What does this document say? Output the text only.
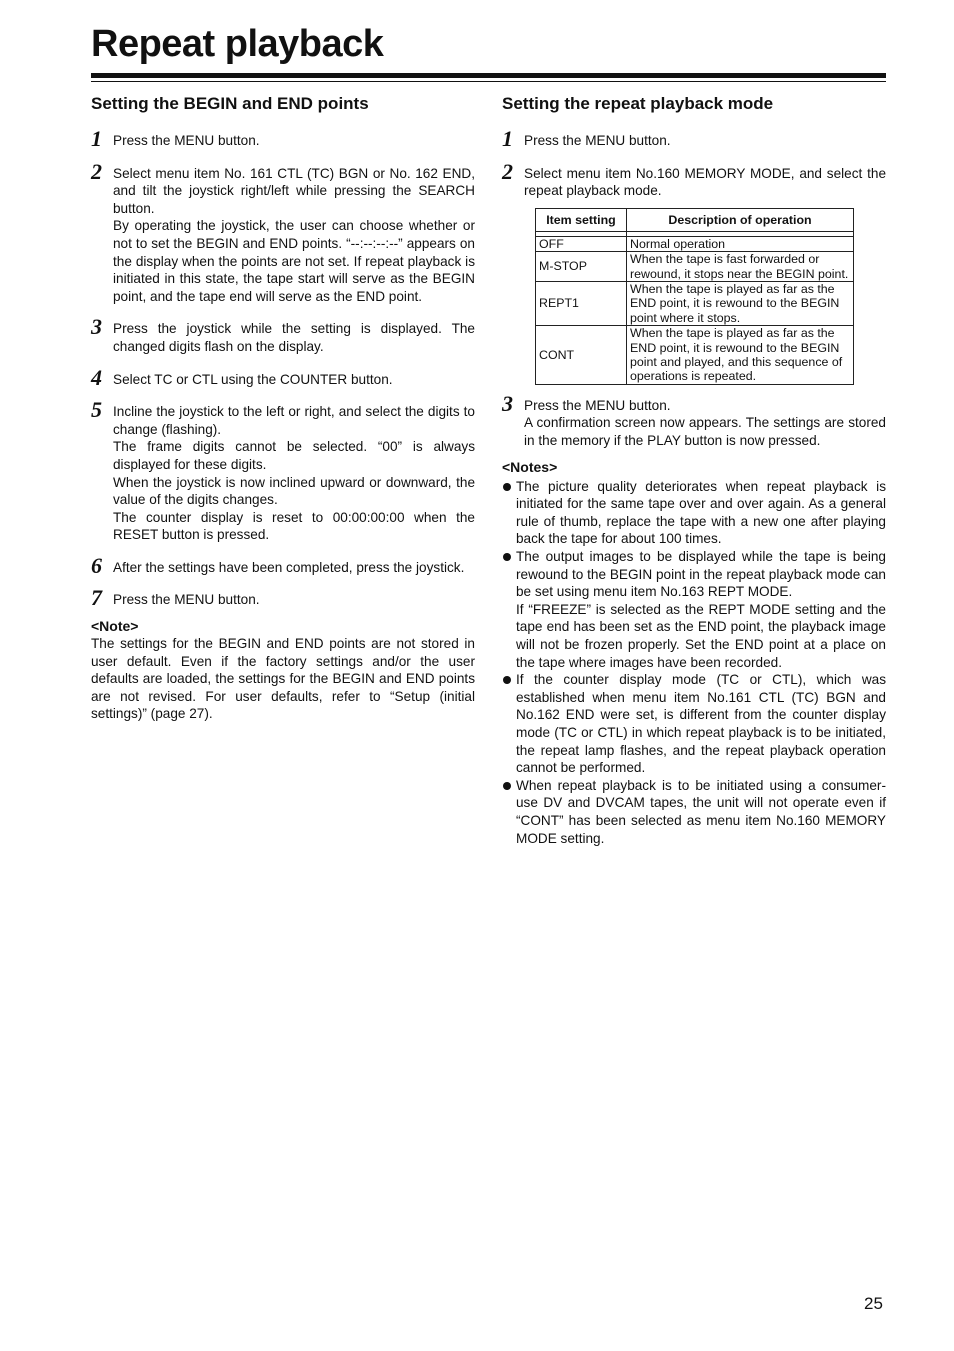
Repeat playback
Setting the BEGIN and END points
1 Press the MENU button.

2 Select menu item No. 161 CTL (TC) BGN or No. 162 END, and tilt the joystick right/left while pressing the SEARCH button.

By operating the joystick, the user can choose whether or not to set the BEGIN and END points. “--:--:--:--” appears on the display when the points are not set. If repeat playback is initiated in this state, the tape start will serve as the BEGIN point, and the tape end will serve as the END point.

3 Press the joystick while the setting is displayed. The changed digits flash on the display.

4 Select TC or CTL using the COUNTER button.

5 Incline the joystick to the left or right, and select the digits to change (flashing).

The frame digits cannot be selected. “00” is always displayed for these digits.

When the joystick is now inclined upward or downward, the value of the digits changes.

The counter display is reset to 00:00:00:00 when the RESET button is pressed.

6 After the settings have been completed, press the joystick.

7 Press the MENU button.

<Note>

The settings for the BEGIN and END points are not stored in user default. Even if the factory settings and/or the user defaults are loaded, the settings for the BEGIN and END points are not revised. For user defaults, refer to “Setup (initial settings)” (page 27).

Setting the repeat playback mode
1 Press the MENU button.

2 Select menu item No.160 MEMORY MODE, and select the repeat playback mode.

Item setting	Description of operation

OFF	Normal operation
M-STOP	When the tape is fast forwarded or rewound, it stops near the BEGIN point.
REPT1	When the tape is played as far as the END point, it is rewound to the BEGIN point where it stops.
CONT	When the tape is played as far as the END point, it is rewound to the BEGIN point and played, and this sequence of operations is repeated.
3 Press the MENU button.

A confirmation screen now appears. The settings are stored in the memory if the PLAY button is now pressed.

<Notes>

The picture quality deteriorates when repeat playback is initiated for the same tape over and over again. As a general rule of thumb, replace the tape with a new one after playing back the tape for about 100 times.

The output images to be displayed while the tape is being rewound to the BEGIN point in the repeat playback mode can be set using menu item No.163 REPT MODE.

If “FREEZE” is selected as the REPT MODE setting and the tape end has been set as the END point, the playback image will not be frozen properly. Set the END point at a place on the tape where images have been recorded.

If the counter display mode (TC or CTL), which was established when menu item No.161 CTL (TC) BGN and No.162 END were set, is different from the counter display mode (TC or CTL) in which repeat playback is to be initiated, the repeat lamp flashes, and the repeat playback operation cannot be performed.

When repeat playback is to be initiated using a consumer-use DV and DVCAM tapes, the unit will not operate even if “CONT” has been selected as menu item No.160 MEMORY MODE setting.

25
